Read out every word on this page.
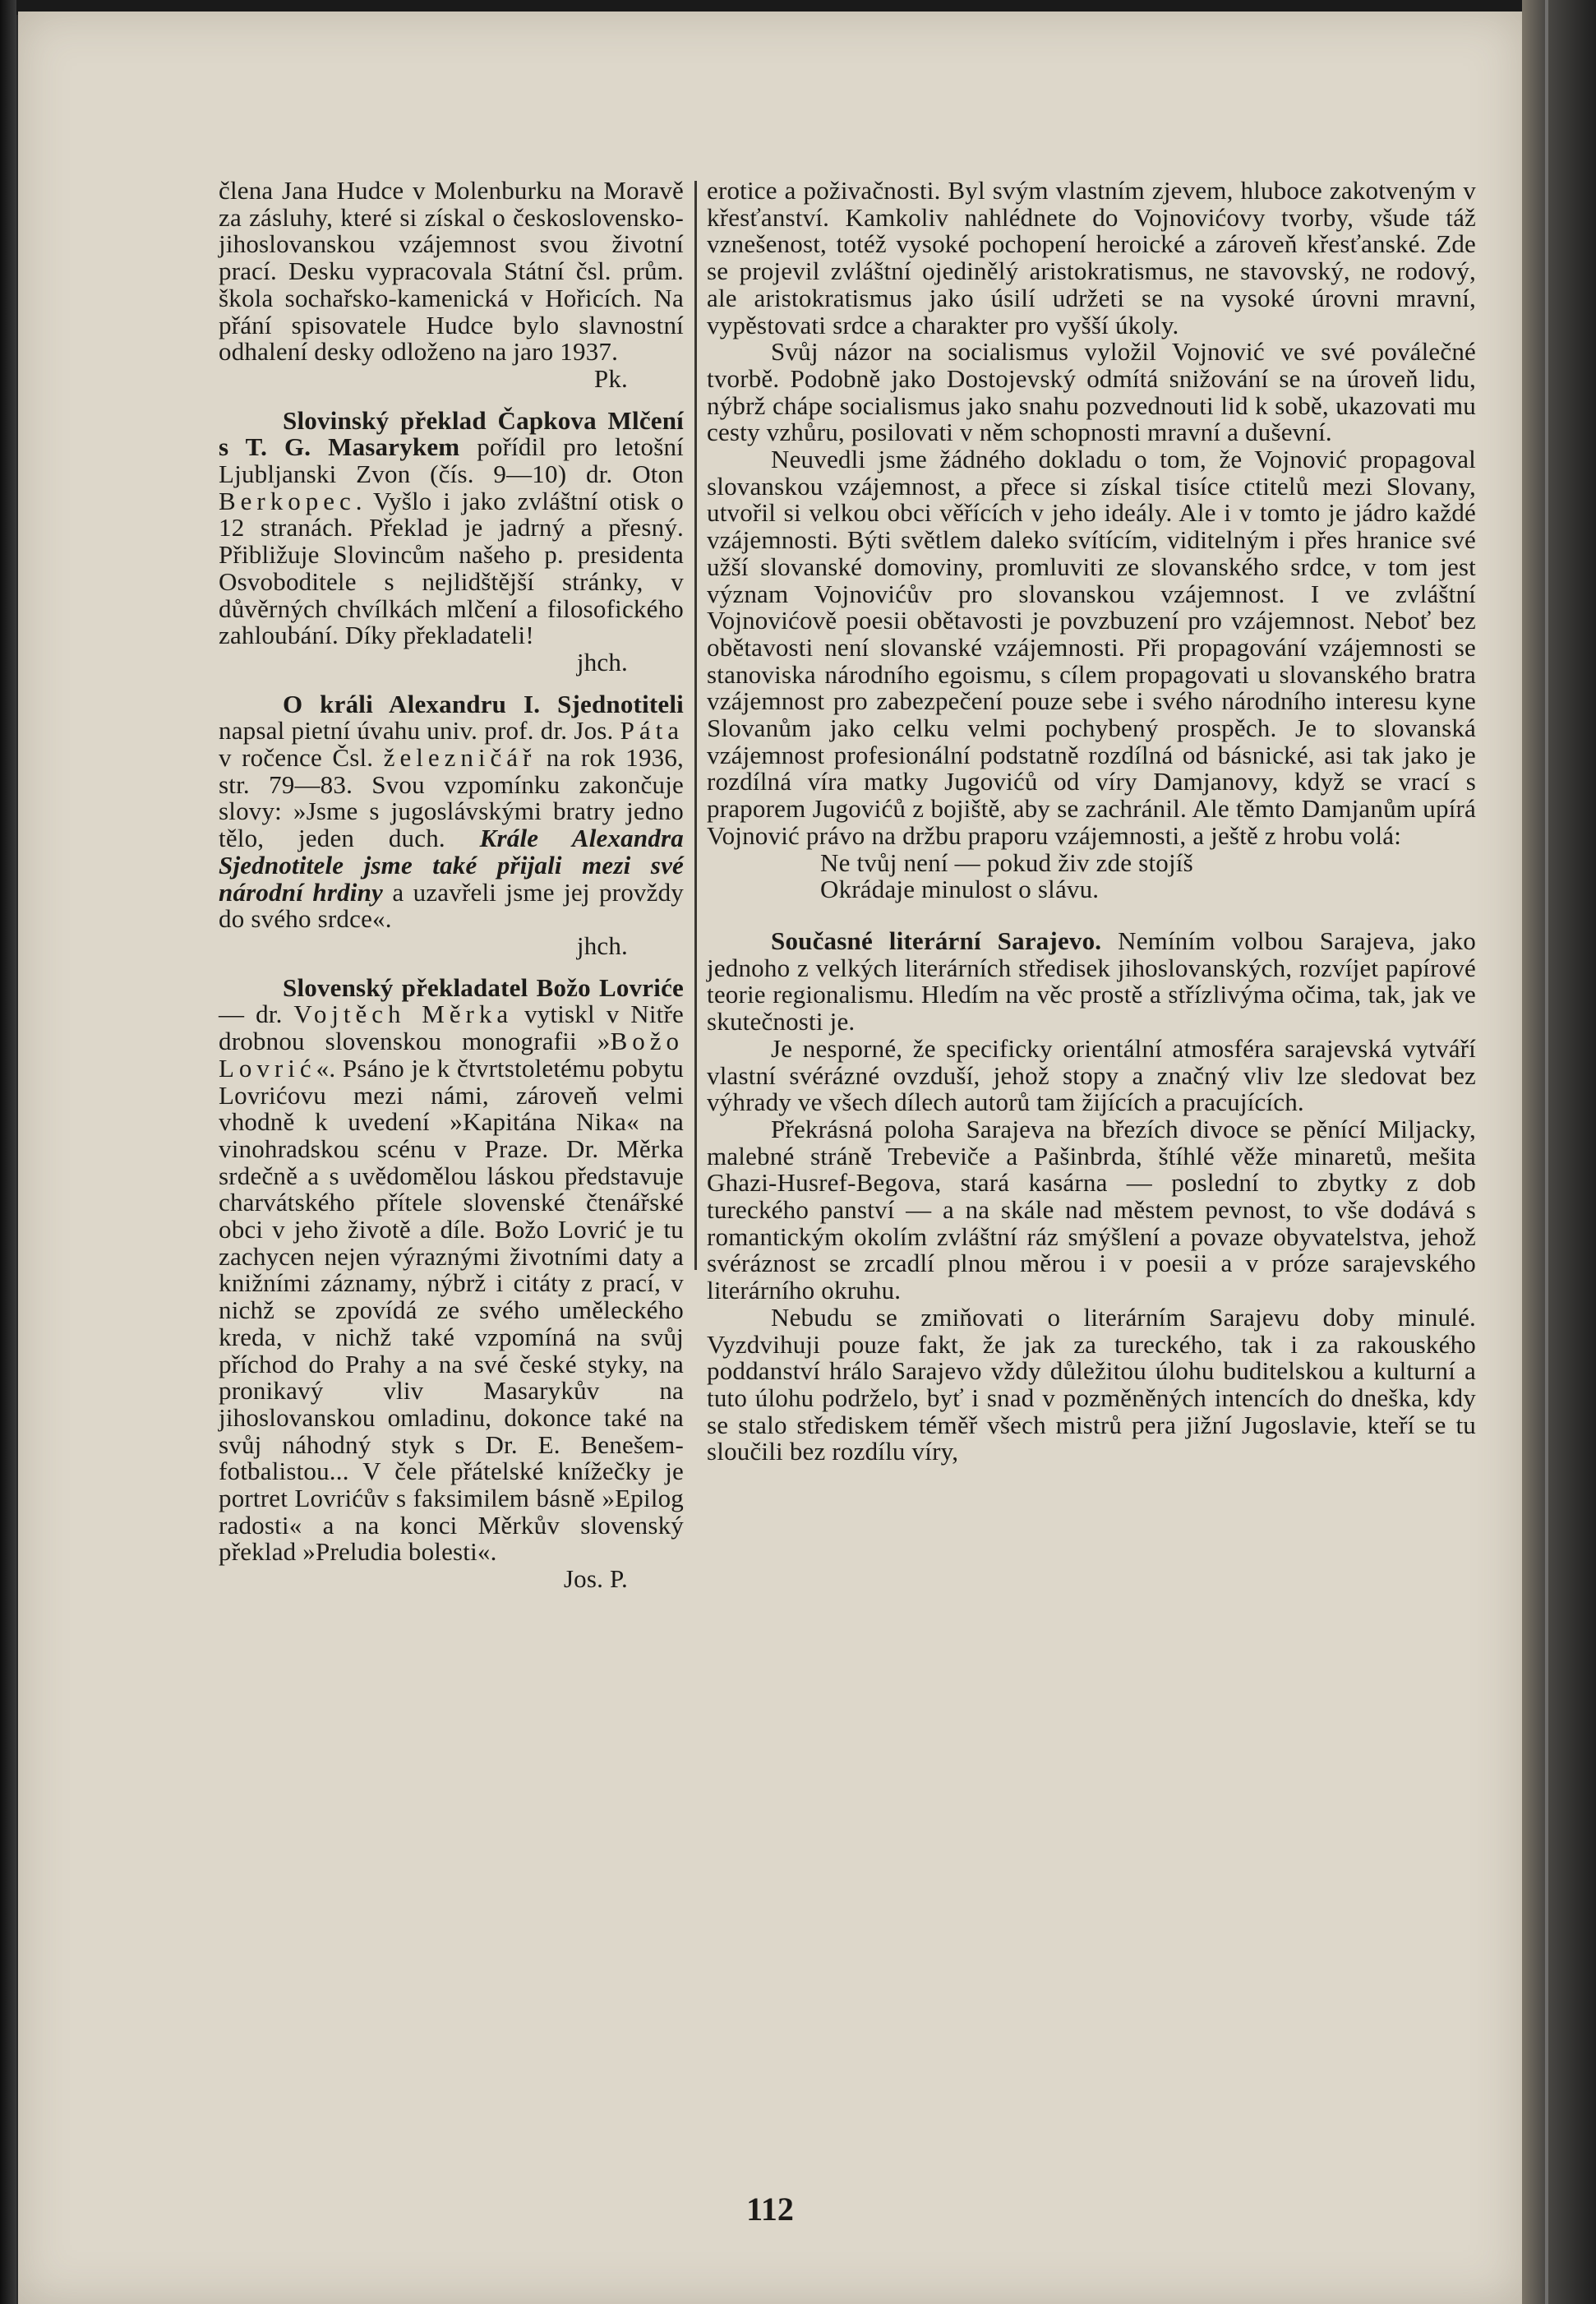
člena Jana Hudce v Molenburku na Moravě za zásluhy, které si získal o československo-jihoslovanskou vzájemnost svou životní prací. Desku vypracovala Státní čsl. prům. škola sochařsko-kamenická v Hořicích. Na přání spisovatele Hudce bylo slavnostní odhalení desky odloženo na jaro 1937.

Pk.

Slovinský překlad Čapkova Mlčení s T. G. Masarykem pořídil pro letošní Ljubljanski Zvon (čís. 9—10) dr. Oton Berkopec. Vyšlo i jako zvláštní otisk o 12 stranách. Překlad je jadrný a přesný. Přibližuje Slovincům našeho p. presidenta Osvoboditele s nejlidštější stránky, v důvěrných chvílkách mlčení a filosofického zahloubání. Díky překladateli!

jhch.

O králi Alexandru I. Sjednotiteli napsal pietní úvahu univ. prof. dr. Jos. Páta v ročence Čsl. železničář na rok 1936, str. 79—83. Svou vzpomínku zakončuje slovy: »Jsme s jugoslávskými bratry jedno tělo, jeden duch. Krále Alexandra Sjednotitele jsme také přijali mezi své národní hrdiny a uzavřeli jsme jej provždy do svého srdce«.

jhch.

Slovenský překladatel Božo Lovriće — dr. Vojtěch Měrka vytiskl v Nitře drobnou slovenskou monografii »Božo Lovrić«. Psáno je k čtvrtstoletému pobytu Lovrićovu mezi námi, zároveň velmi vhodně k uvedení »Kapitána Nika« na vinohradskou scénu v Praze. Dr. Měrka srdečně a s uvědomělou láskou představuje charvátského přítele slovenské čtenářské obci v jeho životě a díle. Božo Lovrić je tu zachycen nejen výraznými životními daty a knižními záznamy, nýbrž i citáty z prací, v nichž se zpovídá ze svého uměleckého kreda, v nichž také vzpomíná na svůj příchod do Prahy a na své české styky, na pronikavý vliv Masarykův na jihoslovanskou omladinu, dokonce také na svůj náhodný styk s Dr. E. Benešem-fotbalistou... V čele přátelské knížečky je portret Lovrićův s faksimilem básně »Epilog radosti« a na konci Měrkův slovenský překlad »Preludia bolesti«.

Jos. P.

erotice a poživačnosti. Byl svým vlastním zjevem, hluboce zakotveným v křesťanství. Kamkoliv nahlédnete do Vojnovićovy tvorby, všude táž vznešenost, totéž vysoké pochopení heroické a zároveň křesťanské. Zde se projevil zvláštní ojedinělý aristokratismus, ne stavovský, ne rodový, ale aristokratismus jako úsilí udržeti se na vysoké úrovni mravní, vypěstovati srdce a charakter pro vyšší úkoly.

Svůj názor na socialismus vyložil Vojnović ve své poválečné tvorbě. Podobně jako Dostojevský odmítá snižování se na úroveň lidu, nýbrž chápe socialismus jako snahu pozvednouti lid k sobě, ukazovati mu cesty vzhůru, posilovati v něm schopnosti mravní a duševní.

Neuvedli jsme žádného dokladu o tom, že Vojnović propagoval slovanskou vzájemnost, a přece si získal tisíce ctitelů mezi Slovany, utvořil si velkou obci věřících v jeho ideály. Ale i v tomto je jádro každé vzájemnosti. Býti světlem daleko svítícím, viditelným i přes hranice své užší slovanské domoviny, promluviti ze slovanského srdce, v tom jest význam Vojnovićův pro slovanskou vzájemnost. I ve zvláštní Vojnovićově poesii obětavosti je povzbuzení pro vzájemnost. Neboť bez obětavosti není slovanské vzájemnosti. Při propagování vzájemnosti se stanoviska národního egoismu, s cílem propagovati u slovanského bratra vzájemnost pro zabezpečení pouze sebe i svého národního interesu kyne Slovanům jako celku velmi pochybený prospěch. Je to slovanská vzájemnost profesionální podstatně rozdílná od básnické, asi tak jako je rozdílná víra matky Jugovićů od víry Damjanovy, když se vrací s praporem Jugovićů z bojiště, aby se zachránil. Ale těmto Damjanům upírá Vojnović právo na držbu praporu vzájemnosti, a ještě z hrobu volá:

Ne tvůj není — pokud živ zde stojíš

Okrádaje minulost o slávu.

Současné literární Sarajevo. Nemíním volbou Sarajeva, jako jednoho z velkých literárních středisek jihoslovanských, rozvíjet papírové teorie regionalismu. Hledím na věc prostě a střízlivýma očima, tak, jak ve skutečnosti je.

Je nesporné, že specificky orientální atmosféra sarajevská vytváří vlastní svérázné ovzduší, jehož stopy a značný vliv lze sledovat bez výhrady ve všech dílech autorů tam žijících a pracujících.

Překrásná poloha Sarajeva na březích divoce se pěnící Miljacky, malebné stráně Trebeviče a Pašinbrda, štíhlé věže minaretů, mešita Ghazi-Husref-Begova, stará kasárna — poslední to zbytky z dob tureckého panství — a na skále nad městem pevnost, to vše dodává s romantickým okolím zvláštní ráz smýšlení a povaze obyvatelstva, jehož svéráznost se zrcadlí plnou měrou i v poesii a v próze sarajevského literárního okruhu.

Nebudu se zmiňovati o literárním Sarajevu doby minulé. Vyzdvihuji pouze fakt, že jak za tureckého, tak i za rakouského poddanství hrálo Sarajevo vždy důležitou úlohu buditelskou a kulturní a tuto úlohu podrželo, byť i snad v pozměněných intencích do dneška, kdy se stalo střediskem téměř všech mistrů pera jižní Jugoslavie, kteří se tu sloučili bez rozdílu víry,

112
